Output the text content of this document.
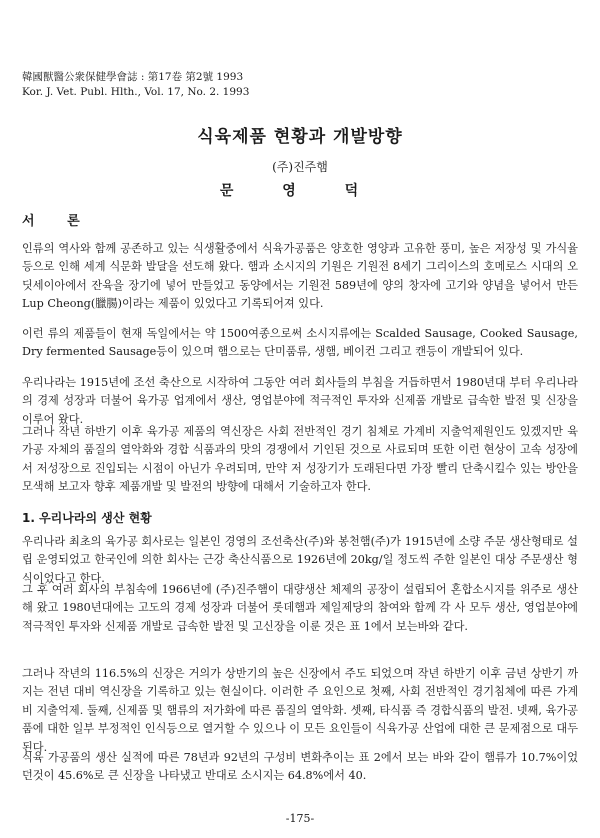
韓國獸醫公衆保健學會誌 : 第17卷 第2號 1993
Kor. J. Vet. Publ. Hlth., Vol. 17, No. 2. 1993
식육제품 현황과 개발방향
(주)진주햄
문 영 덕
서 론

인류의 역사와 함께 공존하고 있는 식생활중에서 식육가공품은 양호한 영양과 고유한 풍미, 높은 저장성 및 가식율 등으로 인해 세계 식문화 발달을 선도해 왔다. 햄과 소시지의 기원은 기원전 8세기 그리이스의 호메로스 시대의 오딧세이아에서 잔육을 장기에 넣어 만들었고 동양에서는 기원전 589년에 양의 창자에 고기와 양념을 넣어서 만든 Lup Cheong(臘腸)이라는 제품이 있었다고 기록되어져 있다.

이런 류의 제품들이 현재 독일에서는 약 1500여종으로써 소시지류에는 Scalded Sausage, Cooked Sausage, Dry fermented Sausage등이 있으며 햄으로는 단미품류, 생햄, 베이컨 그리고 캔등이 개발되어 있다.

우리나라는 1915년에 조선 축산으로 시작하여 그동안 여러 회사들의 부침을 거듭하면서 1980년대 부터 우리나라의 경제 성장과 더불어 육가공 업계에서 생산, 영업분야에 적극적인 투자와 신제품 개발로 급속한 발전 및 신장을 이루어 왔다.

그러나 작년 하반기 이후 육가공 제품의 역신장은 사회 전반적인 경기 침체로 가계비 지출억제원인도 있겠지만 육가공 자체의 품질의 열악화와 경합 식품과의 맛의 경쟁에서 기인된 것으로 사료되며 또한 이런 현상이 고속 성장에서 저성장으로 진입되는 시점이 아닌가 우려되며, 만약 저 성장기가 도래된다면 가장 빨리 단축시킬수 있는 방안을 모색해 보고자 향후 제품개발 및 발전의 방향에 대해서 기술하고자 한다.

1. 우리나라의 생산 현황

우리나라 최초의 육가공 회사로는 일본인 경영의 조선축산(주)와 봉천햄(주)가 1915년에 소량 주문 생산형태로 설립 운영되었고 한국인에 의한 회사는 근강 축산식품으로 1926년에 20kg/일 정도씩 주한 일본인 대상 주문생산 형식이었다고 한다.

그 후 여러 회사의 부침속에 1966년에 (주)진주햄이 대량생산 체제의 공장이 설립되어 혼합소시지를 위주로 생산해 왔고 1980년대에는 고도의 경제 성장과 더불어 롯데햄과 제일제당의 참여와 함께 각 사 모두 생산, 영업분야에 적극적인 투자와 신제품 개발로 급속한 발전 및 고신장을 이룬 것은 표 1에서 보는바와 같다.

그러나 작년의 116.5%의 신장은 거의가 상반기의 높은 신장에서 주도 되었으며 작년 하반기 이후 금년 상반기 까지는 전년 대비 역신장을 기록하고 있는 현실이다. 이러한 주 요인으로 첫째, 사회 전반적인 경기침체에 따른 가계비 지출억제. 둘째, 신제품 및 햄류의 저가화에 따른 품질의 열악화. 셋째, 타식품 즉 경합식품의 발전. 넷째, 육가공품에 대한 일부 부정적인 인식등으로 열거할 수 있으나 이 모든 요인들이 식육가공 산업에 대한 큰 문제점으로 대두된다.

식육 가공품의 생산 실적에 따른 78년과 92년의 구성비 변화추이는 표 2에서 보는 바와 같이 햄류가 10.7%이었던것이 45.6%로 큰 신장을 나타냈고 반대로 소시지는 64.8%에서 40.

-175-
